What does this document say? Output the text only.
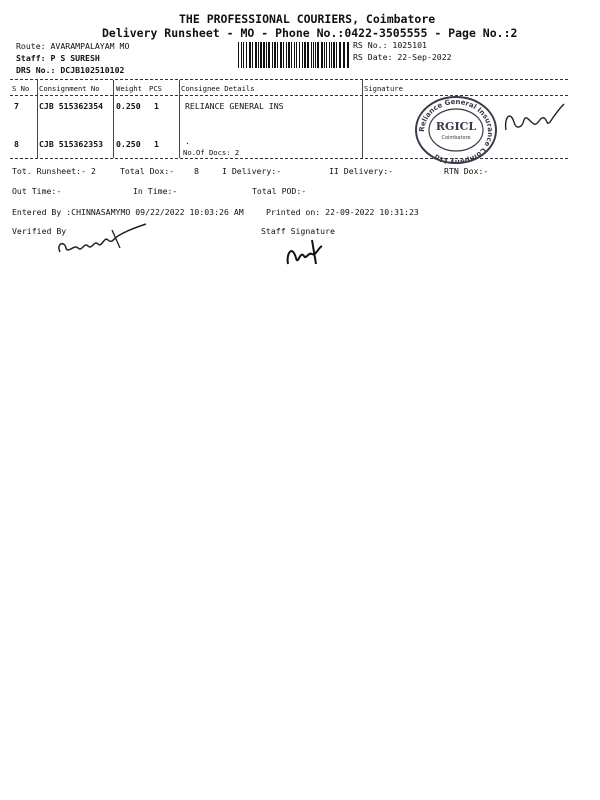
THE PROFESSIONAL COURIERS, Coimbatore
Delivery Runsheet - MO - Phone No.:0422-3505555 - Page No.:2
Route: AVARAMPALAYAM MO
Staff: P S SURESH
DRS No.: DCJB102510102
RS No.: 1025101
RS Date: 22-Sep-2022
S No Consignment No Weight PCS	Consignee Details	Signature
7 CJB 515362354 0.250 1	RELIANCE GENERAL INS
8 CJB 515362353 0.250 1	.
No.Of Docs: 2
Reliance General Insurance Company Ltd
RGICL
Coimbatore
Tot. Runsheet:- 2	Total Dox:- 8	I Delivery:-	II Delivery:-	RTN Dox:-
Out Time:-	In Time:-	Total POD:-
Entered By :CHINNASAMYMO 09/22/2022 10:03:26 AM	Printed on: 22-09-2022 10:31:23
Verified By	Staff Signature
